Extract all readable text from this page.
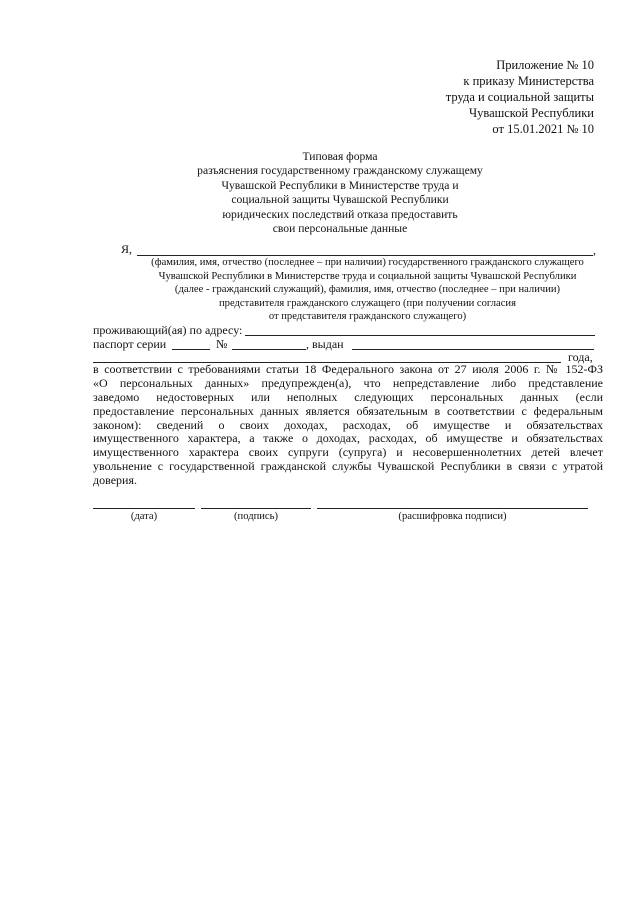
Приложение № 10
к приказу Министерства
труда и социальной защиты
Чувашской Республики
от 15.01.2021 № 10
Типовая форма
разъяснения государственному гражданскому служащему
Чувашской Республики в Министерстве труда и
социальной защиты Чувашской Республики
юридических последствий отказа предоставить
свои персональные данные
Я,	,
(фамилия, имя, отчество (последнее – при наличии) государственного гражданского служащего
Чувашской Республики в Министерстве труда и социальной защиты Чувашской Республики
(далее - гражданский служащий), фамилия, имя, отчество (последнее – при наличии)
представителя гражданского служащего (при получении согласия
от представителя гражданского служащего)
проживающий(ая) по адресу:
паспорт серии	№	, выдан
года,
в соответствии с требованиями статьи 18 Федерального закона от 27 июля 2006 г. № 152-ФЗ
«О персональных данных» предупрежден(а), что непредставление либо представление
заведомо недостоверных или неполных следующих персональных данных (если
предоставление персональных данных является обязательным в соответствии с федеральным
законом): сведений о своих доходах, расходах, об имуществе и обязательствах
имущественного характера, а также о доходах, расходах, об имуществе и обязательствах
имущественного характера своих супруги (супруга) и несовершеннолетних детей влечет
увольнение с государственной гражданской службы Чувашской Республики в связи с утратой
доверия.
(дата)	(подпись)	(расшифровка подписи)
